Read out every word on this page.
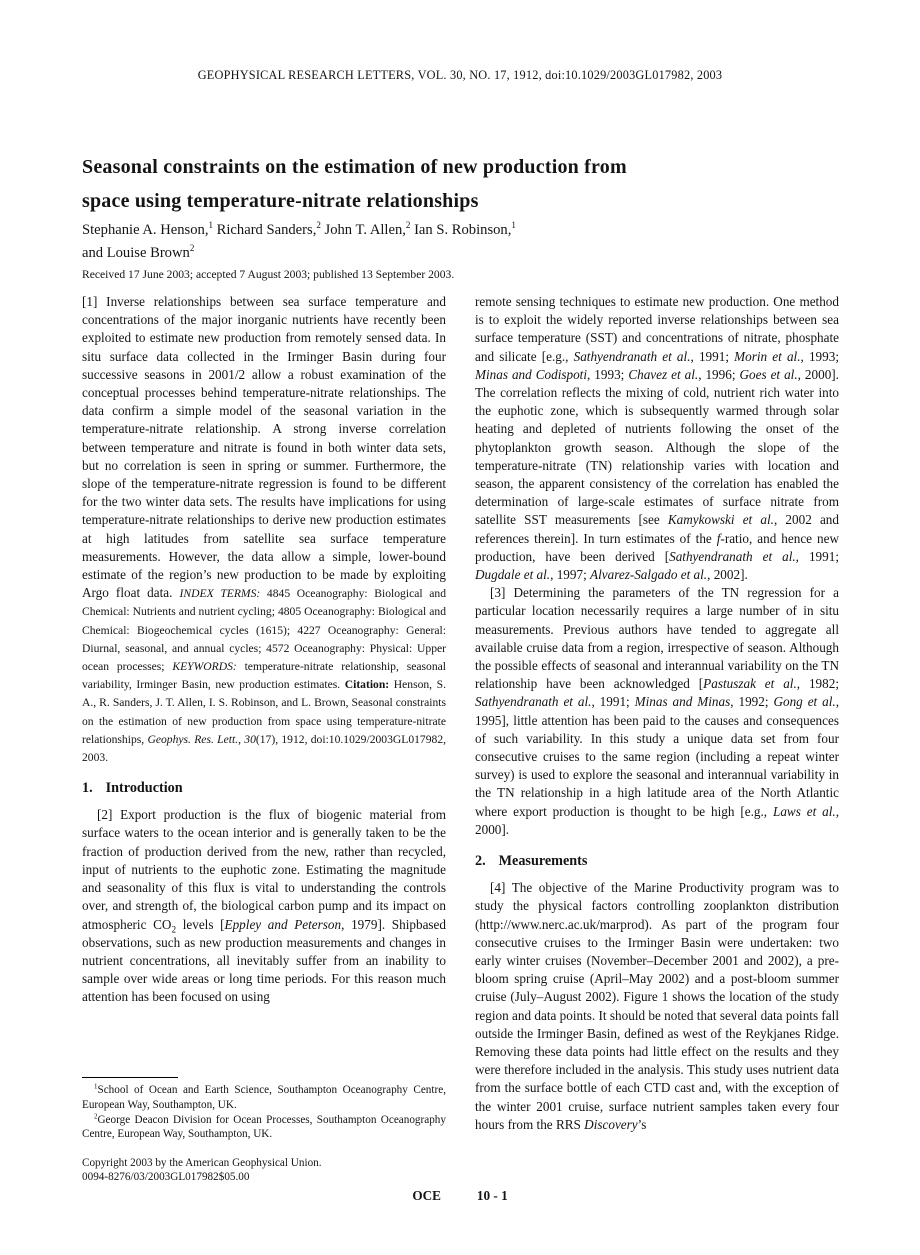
GEOPHYSICAL RESEARCH LETTERS, VOL. 30, NO. 17, 1912, doi:10.1029/2003GL017982, 2003
Seasonal constraints on the estimation of new production from
space using temperature-nitrate relationships
Stephanie A. Henson,$^1$ Richard Sanders,$^2$ John T. Allen,$^2$ Ian S. Robinson,$^1$
and Louise Brown$^2$
Received 17 June 2003; accepted 7 August 2003; published 13 September 2003.

[1] Inverse relationships between sea surface temperature and concentrations of the major inorganic nutrients have recently been exploited to estimate new production from remotely sensed data. In situ surface data collected in the Irminger Basin during four successive seasons in 2001/2 allow a robust examination of the conceptual processes behind temperature-nitrate relationships. The data confirm a simple model of the seasonal variation in the temperature-nitrate relationship. A strong inverse correlation between temperature and nitrate is found in both winter data sets, but no correlation is seen in spring or summer. Furthermore, the slope of the temperature-nitrate regression is found to be different for the two winter data sets. The results have implications for using temperature-nitrate relationships to derive new production estimates at high latitudes from satellite sea surface temperature measurements. However, the data allow a simple, lower-bound estimate of the region’s new production to be made by exploiting Argo float data. INDEX TERMS: 4845 Oceanography: Biological and Chemical: Nutrients and nutrient cycling; 4805 Oceanography: Biological and Chemical: Biogeochemical cycles (1615); 4227 Oceanography: General: Diurnal, seasonal, and annual cycles; 4572 Oceanography: Physical: Upper ocean processes; KEYWORDS: temperature-nitrate relationship, seasonal variability, Irminger Basin, new production estimates. Citation: Henson, S. A., R. Sanders, J. T. Allen, I. S. Robinson, and L. Brown, Seasonal constraints on the estimation of new production from space using temperature-nitrate relationships, Geophys. Res. Lett., 30(17), 1912, doi:10.1029/2003GL017982, 2003.

1. Introduction

[2] Export production is the flux of biogenic material from surface waters to the ocean interior and is generally taken to be the fraction of production derived from the new, rather than recycled, input of nutrients to the euphotic zone. Estimating the magnitude and seasonality of this flux is vital to understanding the controls over, and strength of, the biological carbon pump and its impact on atmospheric $CO_2$ levels [Eppley and Peterson, 1979]. Shipbased observations, such as new production measurements and changes in nutrient concentrations, all inevitably suffer from an inability to sample over wide areas or long time periods. For this reason much attention has been focused on using

$^1$School of Ocean and Earth Science, Southampton Oceanography Centre, European Way, Southampton, UK.

$^2$George Deacon Division for Ocean Processes, Southampton Oceanography Centre, European Way, Southampton, UK.

Copyright 2003 by the American Geophysical Union.

0094-8276/03/2003GL017982$05.00

remote sensing techniques to estimate new production. One method is to exploit the widely reported inverse relationships between sea surface temperature (SST) and concentrations of nitrate, phosphate and silicate [e.g., Sathyendranath et al., 1991; Morin et al., 1993; Minas and Codispoti, 1993; Chavez et al., 1996; Goes et al., 2000]. The correlation reflects the mixing of cold, nutrient rich water into the euphotic zone, which is subsequently warmed through solar heating and depleted of nutrients following the onset of the phytoplankton growth season. Although the slope of the temperature-nitrate (TN) relationship varies with location and season, the apparent consistency of the correlation has enabled the determination of large-scale estimates of surface nitrate from satellite SST measurements [see Kamykowski et al., 2002 and references therein]. In turn estimates of the f-ratio, and hence new production, have been derived [Sathyendranath et al., 1991; Dugdale et al., 1997; Alvarez-Salgado et al., 2002].

[3] Determining the parameters of the TN regression for a particular location necessarily requires a large number of in situ measurements. Previous authors have tended to aggregate all available cruise data from a region, irrespective of season. Although the possible effects of seasonal and interannual variability on the TN relationship have been acknowledged [Pastuszak et al., 1982; Sathyendranath et al., 1991; Minas and Minas, 1992; Gong et al., 1995], little attention has been paid to the causes and consequences of such variability. In this study a unique data set from four consecutive cruises to the same region (including a repeat winter survey) is used to explore the seasonal and interannual variability in the TN relationship in a high latitude area of the North Atlantic where export production is thought to be high [e.g., Laws et al., 2000].

2. Measurements

[4] The objective of the Marine Productivity program was to study the physical factors controlling zooplankton distribution (http://www.nerc.ac.uk/marprod). As part of the program four consecutive cruises to the Irminger Basin were undertaken: two early winter cruises (November–December 2001 and 2002), a pre-bloom spring cruise (April–May 2002) and a post-bloom summer cruise (July–August 2002). Figure 1 shows the location of the study region and data points. It should be noted that several data points fall outside the Irminger Basin, defined as west of the Reykjanes Ridge. Removing these data points had little effect on the results and they were therefore included in the analysis. This study uses nutrient data from the surface bottle of each CTD cast and, with the exception of the winter 2001 cruise, surface nutrient samples taken every four hours from the RRS Discovery’s

OCE	10 - 1
